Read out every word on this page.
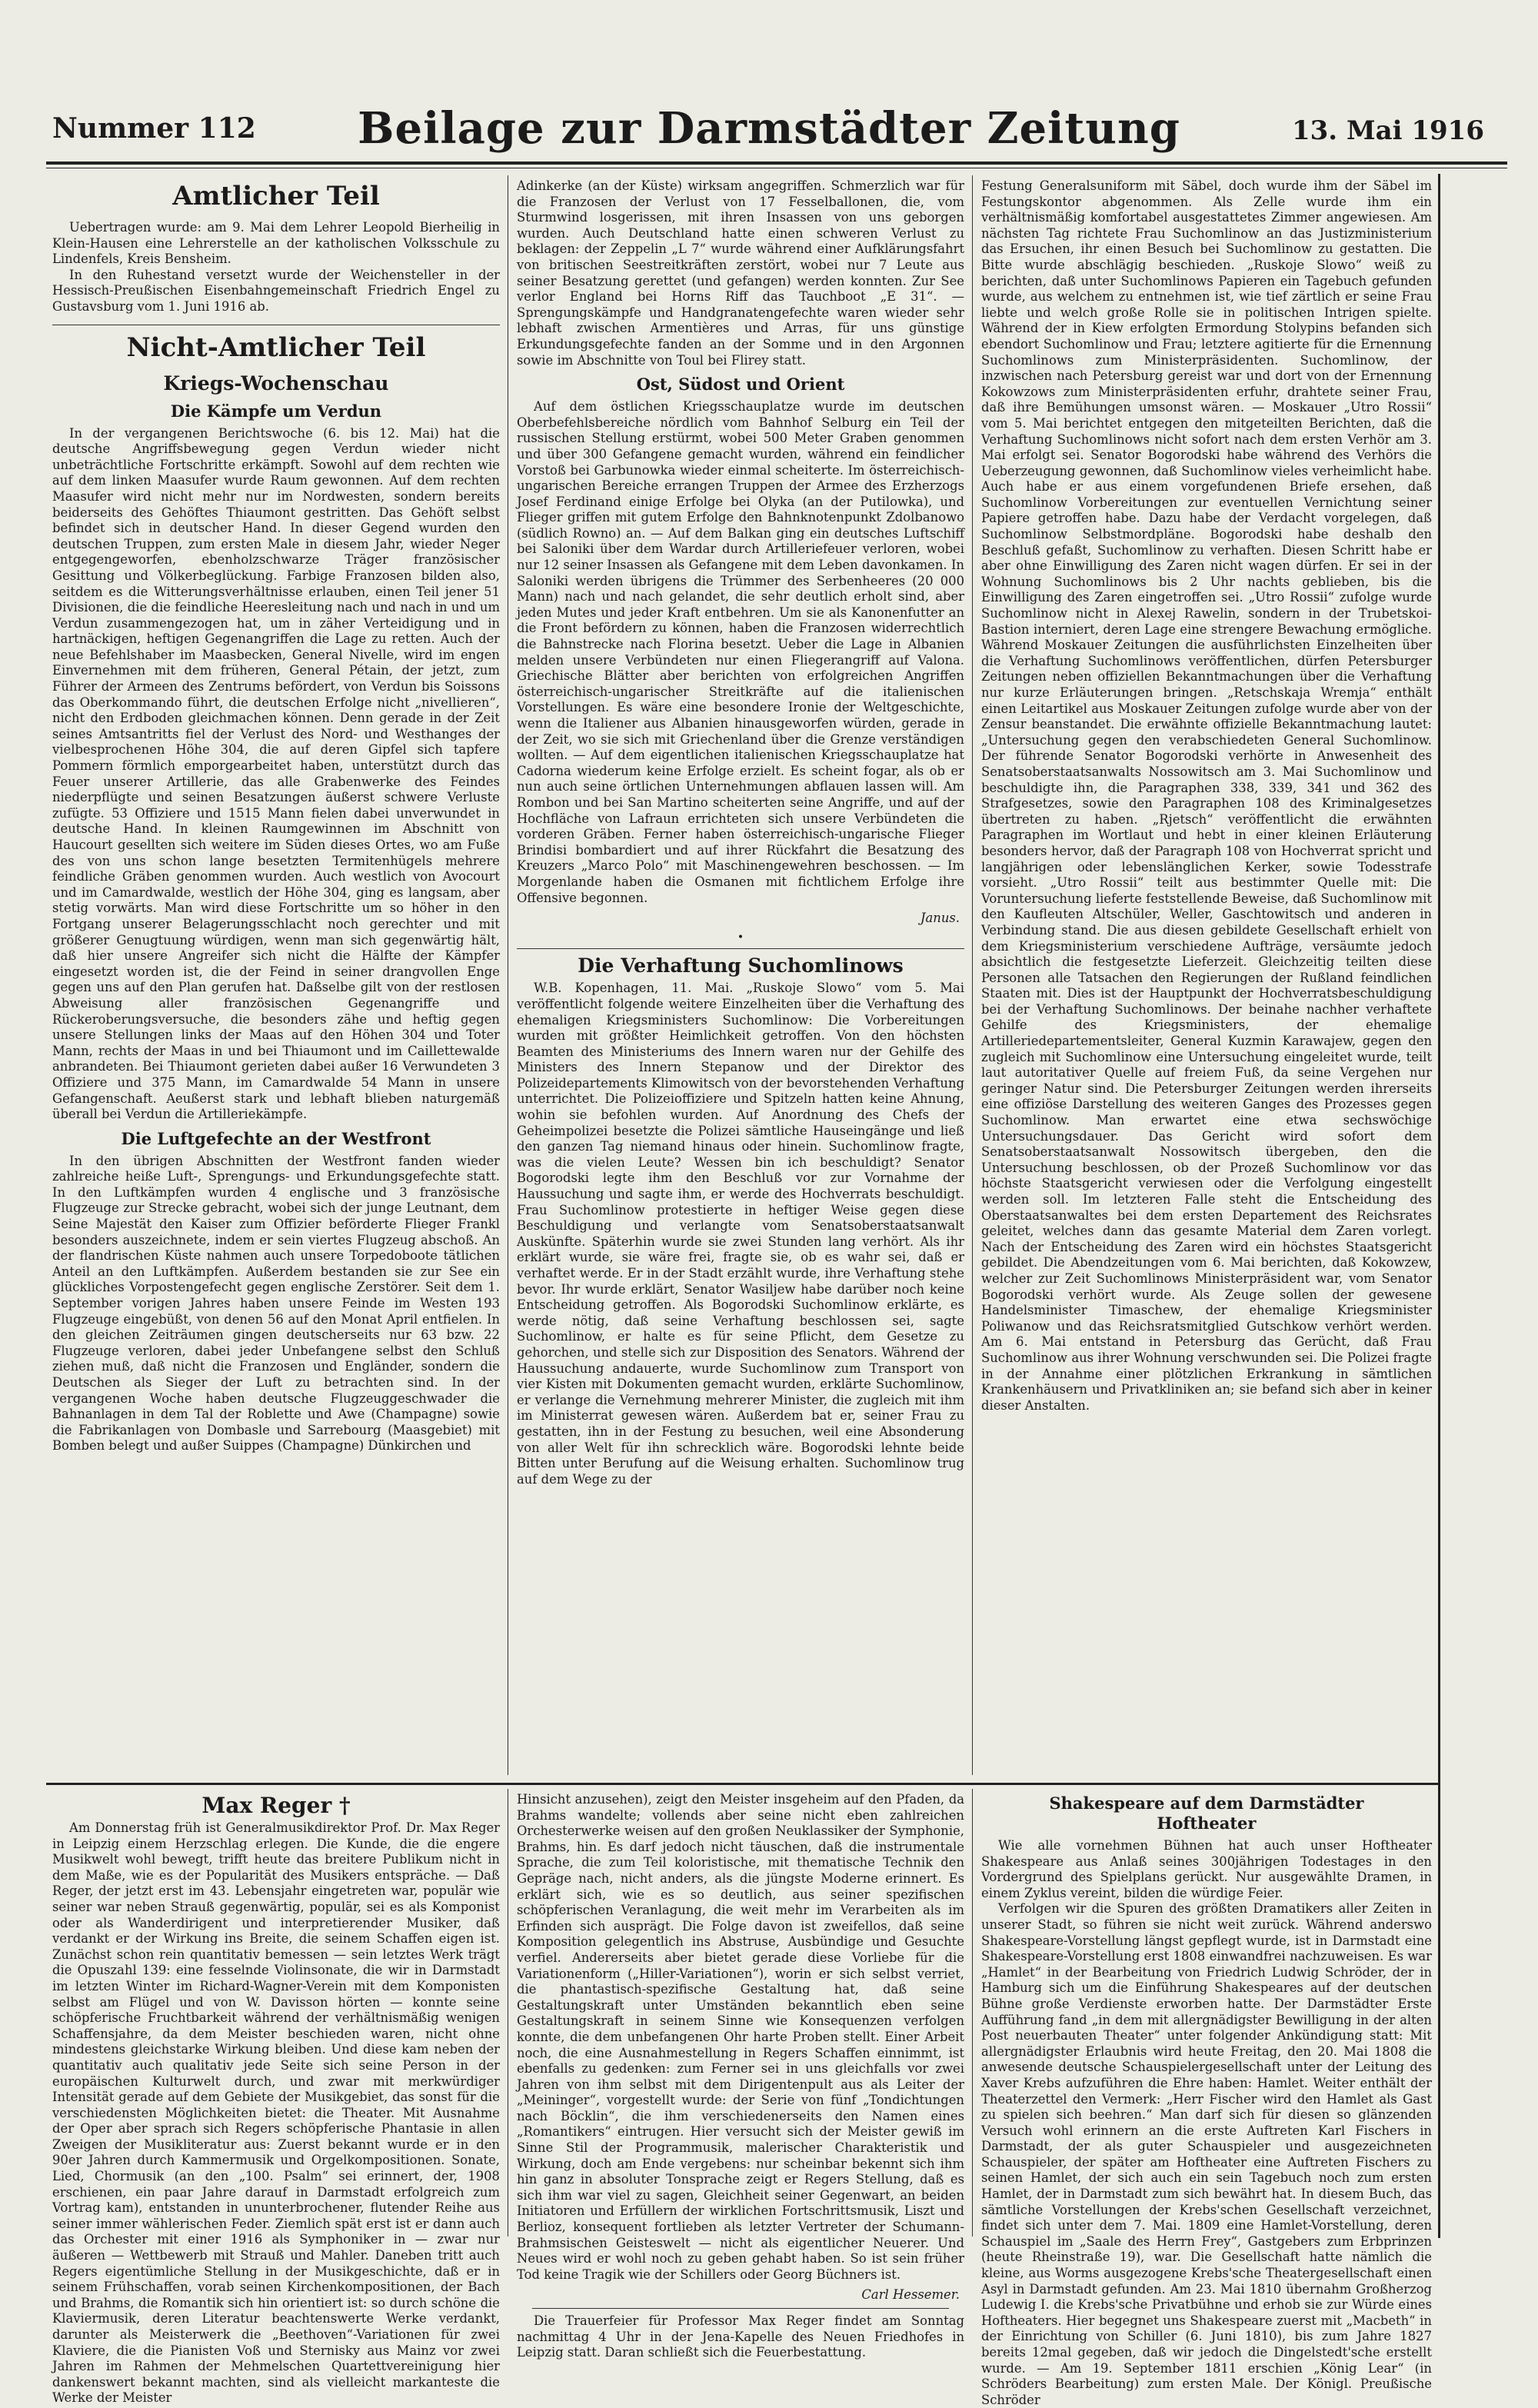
Nummer 112	Beilage zur Darmstädter Zeitung	13. Mai 1916
Amtlicher Teil

Uebertragen wurde: am 9. Mai dem Lehrer Leopold Bierheilig in Klein-Hausen eine Lehrerstelle an der katholischen Volksschule zu Lindenfels, Kreis Bensheim.

In den Ruhestand versetzt wurde der Weichensteller in der Hessisch-Preußischen Eisenbahngemeinschaft Friedrich Engel zu Gustavsburg vom 1. Juni 1916 ab.

Nicht-Amtlicher Teil
Kriegs-Wochenschau
Die Kämpfe um Verdun

In der vergangenen Berichtswoche (6. bis 12. Mai) hat die deutsche Angriffsbewegung gegen Verdun wieder nicht unbeträchtliche Fortschritte erkämpft. Sowohl auf dem rechten wie auf dem linken Maasufer wurde Raum gewonnen. Auf dem rechten Maasufer wird nicht mehr nur im Nordwesten, sondern bereits beiderseits des Gehöftes Thiaumont gestritten. Das Gehöft selbst befindet sich in deutscher Hand. In dieser Gegend wurden den deutschen Truppen, zum ersten Male in diesem Jahr, wieder Neger entgegengeworfen, ebenholzschwarze Träger französischer Gesittung und Völkerbeglückung. Farbige Franzosen bilden also, seitdem es die Witterungsverhältnisse erlauben, einen Teil jener 51 Divisionen, die die feindliche Heeresleitung nach und nach in und um Verdun zusammengezogen hat, um in zäher Verteidigung und in hartnäckigen, heftigen Gegenangriffen die Lage zu retten. Auch der neue Befehlshaber im Maasbecken, General Nivelle, wird im engen Einvernehmen mit dem früheren, General Pétain, der jetzt, zum Führer der Armeen des Zentrums befördert, von Verdun bis Soissons das Oberkommando führt, die deutschen Erfolge nicht „nivellieren“, nicht den Erdboden gleichmachen können. Denn gerade in der Zeit seines Amtsantritts fiel der Verlust des Nord- und Westhanges der vielbesprochenen Höhe 304, die auf deren Gipfel sich tapfere Pommern förmlich emporgearbeitet haben, unterstützt durch das Feuer unserer Artillerie, das alle Grabenwerke des Feindes niederpflügte und seinen Besatzungen äußerst schwere Verluste zufügte. 53 Offiziere und 1515 Mann fielen dabei unverwundet in deutsche Hand. In kleinen Raumgewinnen im Abschnitt von Haucourt gesellten sich weitere im Süden dieses Ortes, wo am Fuße des von uns schon lange besetzten Termitenhügels mehrere feindliche Gräben genommen wurden. Auch westlich von Avocourt und im Camardwalde, westlich der Höhe 304, ging es langsam, aber stetig vorwärts. Man wird diese Fortschritte um so höher in den Fortgang unserer Belagerungsschlacht noch gerechter und mit größerer Genugtuung würdigen, wenn man sich gegenwärtig hält, daß hier unsere Angreifer sich nicht die Hälfte der Kämpfer eingesetzt worden ist, die der Feind in seiner drangvollen Enge gegen uns auf den Plan gerufen hat. Daßselbe gilt von der restlosen Abweisung aller französischen Gegenangriffe und Rückeroberungsversuche, die besonders zähe und heftig gegen unsere Stellungen links der Maas auf den Höhen 304 und Toter Mann, rechts der Maas in und bei Thiaumont und im Caillettewalde anbrandeten. Bei Thiaumont gerieten dabei außer 16 Verwundeten 3 Offiziere und 375 Mann, im Camardwalde 54 Mann in unsere Gefangenschaft. Aeußerst stark und lebhaft blieben naturgemäß überall bei Verdun die Artilleriekämpfe.

Die Luftgefechte an der Westfront

In den übrigen Abschnitten der Westfront fanden wieder zahlreiche heiße Luft-, Sprengungs- und Erkundungsgefechte statt. In den Luftkämpfen wurden 4 englische und 3 französische Flugzeuge zur Strecke gebracht, wobei sich der junge Leutnant, dem Seine Majestät den Kaiser zum Offizier beförderte Flieger Frankl besonders auszeichnete, indem er sein viertes Flugzeug abschoß. An der flandrischen Küste nahmen auch unsere Torpedoboote tätlichen Anteil an den Luftkämpfen. Außerdem bestanden sie zur See ein glückliches Vorpostengefecht gegen englische Zerstörer. Seit dem 1. September vorigen Jahres haben unsere Feinde im Westen 193 Flugzeuge eingebüßt, von denen 56 auf den Monat April entfielen. In den gleichen Zeiträumen gingen deutscherseits nur 63 bzw. 22 Flugzeuge verloren, dabei jeder Unbefangene selbst den Schluß ziehen muß, daß nicht die Franzosen und Engländer, sondern die Deutschen als Sieger der Luft zu betrachten sind. In der vergangenen Woche haben deutsche Flugzeuggeschwader die Bahnanlagen in dem Tal der Roblette und Awe (Champagne) sowie die Fabrikanlagen von Dombasle und Sarrebourg (Maasgebiet) mit Bomben belegt und außer Suippes (Champagne) Dünkirchen und

Adinkerke (an der Küste) wirksam angegriffen. Schmerzlich war für die Franzosen der Verlust von 17 Fesselballonen, die, vom Sturmwind losgerissen, mit ihren Insassen von uns geborgen wurden. Auch Deutschland hatte einen schweren Verlust zu beklagen: der Zeppelin „L 7“ wurde während einer Aufklärungsfahrt von britischen Seestreitkräften zerstört, wobei nur 7 Leute aus seiner Besatzung gerettet (und gefangen) werden konnten. Zur See verlor England bei Horns Riff das Tauchboot „E 31“. — Sprengungskämpfe und Handgranatengefechte waren wieder sehr lebhaft zwischen Armentières und Arras, für uns günstige Erkundungsgefechte fanden an der Somme und in den Argonnen sowie im Abschnitte von Toul bei Flirey statt.

Ost, Südost und Orient

Auf dem östlichen Kriegsschauplatze wurde im deutschen Oberbefehlsbereiche nördlich vom Bahnhof Selburg ein Teil der russischen Stellung erstürmt, wobei 500 Meter Graben genommen und über 300 Gefangene gemacht wurden, während ein feindlicher Vorstoß bei Garbunowka wieder einmal scheiterte. Im österreichisch-ungarischen Bereiche errangen Truppen der Armee des Erzherzogs Josef Ferdinand einige Erfolge bei Olyka (an der Putilowka), und Flieger griffen mit gutem Erfolge den Bahnknotenpunkt Zdolbanowo (südlich Rowno) an. — Auf dem Balkan ging ein deutsches Luftschiff bei Saloniki über dem Wardar durch Artilleriefeuer verloren, wobei nur 12 seiner Insassen als Gefangene mit dem Leben davonkamen. In Saloniki werden übrigens die Trümmer des Serbenheeres (20 000 Mann) nach und nach gelandet, die sehr deutlich erholt sind, aber jeden Mutes und jeder Kraft entbehren. Um sie als Kanonenfutter an die Front befördern zu können, haben die Franzosen widerrechtlich die Bahnstrecke nach Florina besetzt. Ueber die Lage in Albanien melden unsere Verbündeten nur einen Fliegerangriff auf Valona. Griechische Blätter aber berichten von erfolgreichen Angriffen österreichisch-ungarischer Streitkräfte auf die italienischen Vorstellungen. Es wäre eine besondere Ironie der Weltgeschichte, wenn die Italiener aus Albanien hinausgeworfen würden, gerade in der Zeit, wo sie sich mit Griechenland über die Grenze verständigen wollten. — Auf dem eigentlichen italienischen Kriegsschauplatze hat Cadorna wiederum keine Erfolge erzielt. Es scheint fogar, als ob er nun auch seine örtlichen Unternehmungen abflauen lassen will. Am Rombon und bei San Martino scheiterten seine Angriffe, und auf der Hochfläche von Lafraun errichteten sich unsere Verbündeten die vorderen Gräben. Ferner haben österreichisch-ungarische Flieger Brindisi bombardiert und auf ihrer Rückfahrt die Besatzung des Kreuzers „Marco Polo“ mit Maschinengewehren beschossen. — Im Morgenlande haben die Osmanen mit fichtlichem Erfolge ihre Offensive begonnen.

Janus.
•
Die Verhaftung Suchomlinows

W.B. Kopenhagen, 11. Mai. „Ruskoje Slowo“ vom 5. Mai veröffentlicht folgende weitere Einzelheiten über die Verhaftung des ehemaligen Kriegsministers Suchomlinow: Die Vorbereitungen wurden mit größter Heimlichkeit getroffen. Von den höchsten Beamten des Ministeriums des Innern waren nur der Gehilfe des Ministers des Innern Stepanow und der Direktor des Polizeidepartements Klimowitsch von der bevorstehenden Verhaftung unterrichtet. Die Polizeioffiziere und Spitzeln hatten keine Ahnung, wohin sie befohlen wurden. Auf Anordnung des Chefs der Geheimpolizei besetzte die Polizei sämtliche Hauseingänge und ließ den ganzen Tag niemand hinaus oder hinein. Suchomlinow fragte, was die vielen Leute? Wessen bin ich beschuldigt? Senator Bogorodski legte ihm den Beschluß vor zur Vornahme der Haussuchung und sagte ihm, er werde des Hochverrats beschuldigt. Frau Suchomlinow protestierte in heftiger Weise gegen diese Beschuldigung und verlangte vom Senatsoberstaatsanwalt Auskünfte. Späterhin wurde sie zwei Stunden lang verhört. Als ihr erklärt wurde, sie wäre frei, fragte sie, ob es wahr sei, daß er verhaftet werde. Er in der Stadt erzählt wurde, ihre Verhaftung stehe bevor. Ihr wurde erklärt, Senator Wasiljew habe darüber noch keine Entscheidung getroffen. Als Bogorodski Suchomlinow erklärte, es werde nötig, daß seine Verhaftung beschlossen sei, sagte Suchomlinow, er halte es für seine Pflicht, dem Gesetze zu gehorchen, und stelle sich zur Disposition des Senators. Während der Haussuchung andauerte, wurde Suchomlinow zum Transport von vier Kisten mit Dokumenten gemacht wurden, erklärte Suchomlinow, er verlange die Vernehmung mehrerer Minister, die zugleich mit ihm im Ministerrat gewesen wären. Außerdem bat er, seiner Frau zu gestatten, ihn in der Festung zu besuchen, weil eine Absonderung von aller Welt für ihn schrecklich wäre. Bogorodski lehnte beide Bitten unter Berufung auf die Weisung erhalten. Suchomlinow trug auf dem Wege zu der

Festung Generalsuniform mit Säbel, doch wurde ihm der Säbel im Festungskontor abgenommen. Als Zelle wurde ihm ein verhältnismäßig komfortabel ausgestattetes Zimmer angewiesen. Am nächsten Tag richtete Frau Suchomlinow an das Justizministerium das Ersuchen, ihr einen Besuch bei Suchomlinow zu gestatten. Die Bitte wurde abschlägig beschieden. „Ruskoje Slowo“ weiß zu berichten, daß unter Suchomlinows Papieren ein Tagebuch gefunden wurde, aus welchem zu entnehmen ist, wie tief zärtlich er seine Frau liebte und welch große Rolle sie in politischen Intrigen spielte. Während der in Kiew erfolgten Ermordung Stolypins befanden sich ebendort Suchomlinow und Frau; letztere agitierte für die Ernennung Suchomlinows zum Ministerpräsidenten. Suchomlinow, der inzwischen nach Petersburg gereist war und dort von der Ernennung Kokowzows zum Ministerpräsidenten erfuhr, drahtete seiner Frau, daß ihre Bemühungen umsonst wären. — Moskauer „Utro Rossii“ vom 5. Mai berichtet entgegen den mitgeteilten Berichten, daß die Verhaftung Suchomlinows nicht sofort nach dem ersten Verhör am 3. Mai erfolgt sei. Senator Bogorodski habe während des Verhörs die Ueberzeugung gewonnen, daß Suchomlinow vieles verheimlicht habe. Auch habe er aus einem vorgefundenen Briefe ersehen, daß Suchomlinow Vorbereitungen zur eventuellen Vernichtung seiner Papiere getroffen habe. Dazu habe der Verdacht vorgelegen, daß Suchomlinow Selbstmordpläne. Bogorodski habe deshalb den Beschluß gefaßt, Suchomlinow zu verhaften. Diesen Schritt habe er aber ohne Einwilligung des Zaren nicht wagen dürfen. Er sei in der Wohnung Suchomlinows bis 2 Uhr nachts geblieben, bis die Einwilligung des Zaren eingetroffen sei. „Utro Rossii“ zufolge wurde Suchomlinow nicht in Alexej Rawelin, sondern in der Trubetskoi-Bastion interniert, deren Lage eine strengere Bewachung ermögliche. Während Moskauer Zeitungen die ausführlichsten Einzelheiten über die Verhaftung Suchomlinows veröffentlichen, dürfen Petersburger Zeitungen neben offiziellen Bekanntmachungen über die Verhaftung nur kurze Erläuterungen bringen. „Retschskaja Wremja“ enthält einen Leitartikel aus Moskauer Zeitungen zufolge wurde aber von der Zensur beanstandet. Die erwähnte offizielle Bekanntmachung lautet: „Untersuchung gegen den verabschiedeten General Suchomlinow. Der führende Senator Bogorodski verhörte in Anwesenheit des Senatsoberstaatsanwalts Nossowitsch am 3. Mai Suchomlinow und beschuldigte ihn, die Paragraphen 338, 339, 341 und 362 des Strafgesetzes, sowie den Paragraphen 108 des Kriminalgesetzes übertreten zu haben. „Rjetsch“ veröffentlicht die erwähnten Paragraphen im Wortlaut und hebt in einer kleinen Erläuterung besonders hervor, daß der Paragraph 108 von Hochverrat spricht und langjährigen oder lebenslänglichen Kerker, sowie Todesstrafe vorsieht. „Utro Rossii“ teilt aus bestimmter Quelle mit: Die Voruntersuchung lieferte feststellende Beweise, daß Suchomlinow mit den Kaufleuten Altschüler, Weller, Gaschtowitsch und anderen in Verbindung stand. Die aus diesen gebildete Gesellschaft erhielt von dem Kriegsministerium verschiedene Aufträge, versäumte jedoch absichtlich die festgesetzte Lieferzeit. Gleichzeitig teilten diese Personen alle Tatsachen den Regierungen der Rußland feindlichen Staaten mit. Dies ist der Hauptpunkt der Hochverratsbeschuldigung bei der Verhaftung Suchomlinows. Der beinahe nachher verhaftete Gehilfe des Kriegsministers, der ehemalige Artilleriedepartementsleiter, General Kuzmin Karawajew, gegen den zugleich mit Suchomlinow eine Untersuchung eingeleitet wurde, teilt laut autoritativer Quelle auf freiem Fuß, da seine Vergehen nur geringer Natur sind. Die Petersburger Zeitungen werden ihrerseits eine offiziöse Darstellung des weiteren Ganges des Prozesses gegen Suchomlinow. Man erwartet eine etwa sechswöchige Untersuchungsdauer. Das Gericht wird sofort dem Senatsoberstaatsanwalt Nossowitsch übergeben, den die Untersuchung beschlossen, ob der Prozeß Suchomlinow vor das höchste Staatsgericht verwiesen oder die Verfolgung eingestellt werden soll. Im letzteren Falle steht die Entscheidung des Oberstaatsanwaltes bei dem ersten Departement des Reichsrates geleitet, welches dann das gesamte Material dem Zaren vorlegt. Nach der Entscheidung des Zaren wird ein höchstes Staatsgericht gebildet. Die Abendzeitungen vom 6. Mai berichten, daß Kokowzew, welcher zur Zeit Suchomlinows Ministerpräsident war, vom Senator Bogorodski verhört wurde. Als Zeuge sollen der gewesene Handelsminister Timaschew, der ehemalige Kriegsminister Poliwanow und das Reichsratsmitglied Gutschkow verhört werden. Am 6. Mai entstand in Petersburg das Gerücht, daß Frau Suchomlinow aus ihrer Wohnung verschwunden sei. Die Polizei fragte in der Annahme einer plötzlichen Erkrankung in sämtlichen Krankenhäusern und Privatkliniken an; sie befand sich aber in keiner dieser Anstalten.

Max Reger †

Am Donnerstag früh ist Generalmusikdirektor Prof. Dr. Max Reger in Leipzig einem Herzschlag erlegen. Die Kunde, die die engere Musikwelt wohl bewegt, trifft heute das breitere Publikum nicht in dem Maße, wie es der Popularität des Musikers entspräche. — Daß Reger, der jetzt erst im 43. Lebensjahr eingetreten war, populär wie seiner war neben Strauß gegenwärtig, populär, sei es als Komponist oder als Wanderdirigent und interpretierender Musiker, daß verdankt er der Wirkung ins Breite, die seinem Schaffen eigen ist. Zunächst schon rein quantitativ bemessen — sein letztes Werk trägt die Opuszahl 139: eine fesselnde Violinsonate, die wir in Darmstadt im letzten Winter im Richard-Wagner-Verein mit dem Komponisten selbst am Flügel und von W. Davisson hörten — konnte seine schöpferische Fruchtbarkeit während der verhältnismäßig wenigen Schaffensjahre, da dem Meister beschieden waren, nicht ohne mindestens gleichstarke Wirkung bleiben. Und diese kam neben der quantitativ auch qualitativ jede Seite sich seine Person in der europäischen Kulturwelt durch, und zwar mit merkwürdiger Intensität gerade auf dem Gebiete der Musikgebiet, das sonst für die verschiedensten Möglichkeiten bietet: die Theater. Mit Ausnahme der Oper aber sprach sich Regers schöpferische Phantasie in allen Zweigen der Musikliteratur aus: Zuerst bekannt wurde er in den 90er Jahren durch Kammermusik und Orgelkompositionen. Sonate, Lied, Chormusik (an den „100. Psalm“ sei erinnert, der, 1908 erschienen, ein paar Jahre darauf in Darmstadt erfolgreich zum Vortrag kam), entstanden in ununterbrochener, flutender Reihe aus seiner immer wählerischen Feder. Ziemlich spät erst ist er dann auch das Orchester mit einer 1916 als Symphoniker in — zwar nur äußeren — Wettbewerb mit Strauß und Mahler. Daneben tritt auch Regers eigentümliche Stellung in der Musikgeschichte, daß er in seinem Frühschaffen, vorab seinen Kirchenkompositionen, der Bach und Brahms, die Romantik sich hin orientiert ist: so durch schöne die Klaviermusik, deren Literatur beachtenswerte Werke verdankt, darunter als Meisterwerk die „Beethoven“-Variationen für zwei Klaviere, die die Pianisten Voß und Sternisky aus Mainz vor zwei Jahren im Rahmen der Mehmelschen Quartettvereinigung hier dankenswert bekannt machten, sind als vielleicht markanteste die Werke der Meister

Hinsicht anzusehen), zeigt den Meister insgeheim auf den Pfaden, da Brahms wandelte; vollends aber seine nicht eben zahlreichen Orchesterwerke weisen auf den großen Neuklassiker der Symphonie, Brahms, hin. Es darf jedoch nicht täuschen, daß die instrumentale Sprache, die zum Teil koloristische, mit thematische Technik den Gepräge nach, nicht anders, als die jüngste Moderne erinnert. Es erklärt sich, wie es so deutlich, aus seiner spezifischen schöpferischen Veranlagung, die weit mehr im Verarbeiten als im Erfinden sich ausprägt. Die Folge davon ist zweifellos, daß seine Komposition gelegentlich ins Abstruse, Ausbündige und Gesuchte verfiel. Andererseits aber bietet gerade diese Vorliebe für die Variationenform („Hiller-Variationen“), worin er sich selbst verriet, die phantastisch-spezifische Gestaltung hat, daß seine Gestaltungskraft unter Umständen bekanntlich eben seine Gestaltungskraft in seinem Sinne wie Konsequenzen verfolgen konnte, die dem unbefangenen Ohr harte Proben stellt. Einer Arbeit noch, die eine Ausnahmestellung in Regers Schaffen einnimmt, ist ebenfalls zu gedenken: zum Ferner sei in uns gleichfalls vor zwei Jahren von ihm selbst mit dem Dirigentenpult aus als Leiter der „Meininger“, vorgestellt wurde: der Serie von fünf „Tondichtungen nach Böcklin“, die ihm verschiedenerseits den Namen eines „Romantikers“ eintrugen. Hier versucht sich der Meister gewiß im Sinne Stil der Programmusik, malerischer Charakteristik und Wirkung, doch am Ende vergebens: nur scheinbar bekennt sich ihm hin ganz in absoluter Tonsprache zeigt er Regers Stellung, daß es sich ihm war viel zu sagen, Gleichheit seiner Gegenwart, an beiden Initiatoren und Erfüllern der wirklichen Fortschrittsmusik, Liszt und Berlioz, konsequent fortlieben als letzter Vertreter der Schumann-Brahmsischen Geisteswelt — nicht als eigentlicher Neuerer. Und Neues wird er wohl noch zu geben gehabt haben. So ist sein früher Tod keine Tragik wie der Schillers oder Georg Büchners ist.

Carl Hessemer.

Die Trauerfeier für Professor Max Reger findet am Sonntag nachmittag 4 Uhr in der Jena-Kapelle des Neuen Friedhofes in Leipzig statt. Daran schließt sich die Feuerbestattung.

Shakespeare auf dem Darmstädter
Hoftheater

Wie alle vornehmen Bühnen hat auch unser Hoftheater Shakespeare aus Anlaß seines 300jährigen Todestages in den Vordergrund des Spielplans gerückt. Nur ausgewählte Dramen, in einem Zyklus vereint, bilden die würdige Feier.

Verfolgen wir die Spuren des größten Dramatikers aller Zeiten in unserer Stadt, so führen sie nicht weit zurück. Während anderswo Shakespeare-Vorstellung längst gepflegt wurde, ist in Darmstadt eine Shakespeare-Vorstellung erst 1808 einwandfrei nachzuweisen. Es war „Hamlet“ in der Bearbeitung von Friedrich Ludwig Schröder, der in Hamburg sich um die Einführung Shakespeares auf der deutschen Bühne große Verdienste erworben hatte. Der Darmstädter Erste Aufführung fand „in dem mit allergnädigster Bewilligung in der alten Post neuerbauten Theater“ unter folgender Ankündigung statt: Mit allergnädigster Erlaubnis wird heute Freitag, den 20. Mai 1808 die anwesende deutsche Schauspielergesellschaft unter der Leitung des Xaver Krebs aufzuführen die Ehre haben: Hamlet. Weiter enthält der Theaterzettel den Vermerk: „Herr Fischer wird den Hamlet als Gast zu spielen sich beehren.“ Man darf sich für diesen so glänzenden Versuch wohl erinnern an die erste Auftreten Karl Fischers in Darmstadt, der als guter Schauspieler und ausgezeichneten Schauspieler, der später am Hoftheater eine Auftreten Fischers zu seinen Hamlet, der sich auch ein sein Tagebuch noch zum ersten Hamlet, der in Darmstadt zum sich bewährt hat. In diesem Buch, das sämtliche Vorstellungen der Krebs'schen Gesellschaft verzeichnet, findet sich unter dem 7. Mai. 1809 eine Hamlet-Vorstellung, deren Schauspiel im „Saale des Herrn Frey“, Gastgebers zum Erbprinzen (heute Rheinstraße 19), war. Die Gesellschaft hatte nämlich die kleine, aus Worms ausgezogene Krebs'sche Theatergesellschaft einen Asyl in Darmstadt gefunden. Am 23. Mai 1810 übernahm Großherzog Ludewig I. die Krebs'sche Privatbühne und erhob sie zur Würde eines Hoftheaters. Hier begegnet uns Shakespeare zuerst mit „Macbeth“ in der Einrichtung von Schiller (6. Juni 1810), bis zum Jahre 1827 bereits 12mal gegeben, daß wir jedoch die Dingelstedt'sche erstellt wurde. — Am 19. September 1811 erschien „König Lear“ (in Schröders Bearbeitung) zum ersten Male. Der Königl. Preußische Schröder
